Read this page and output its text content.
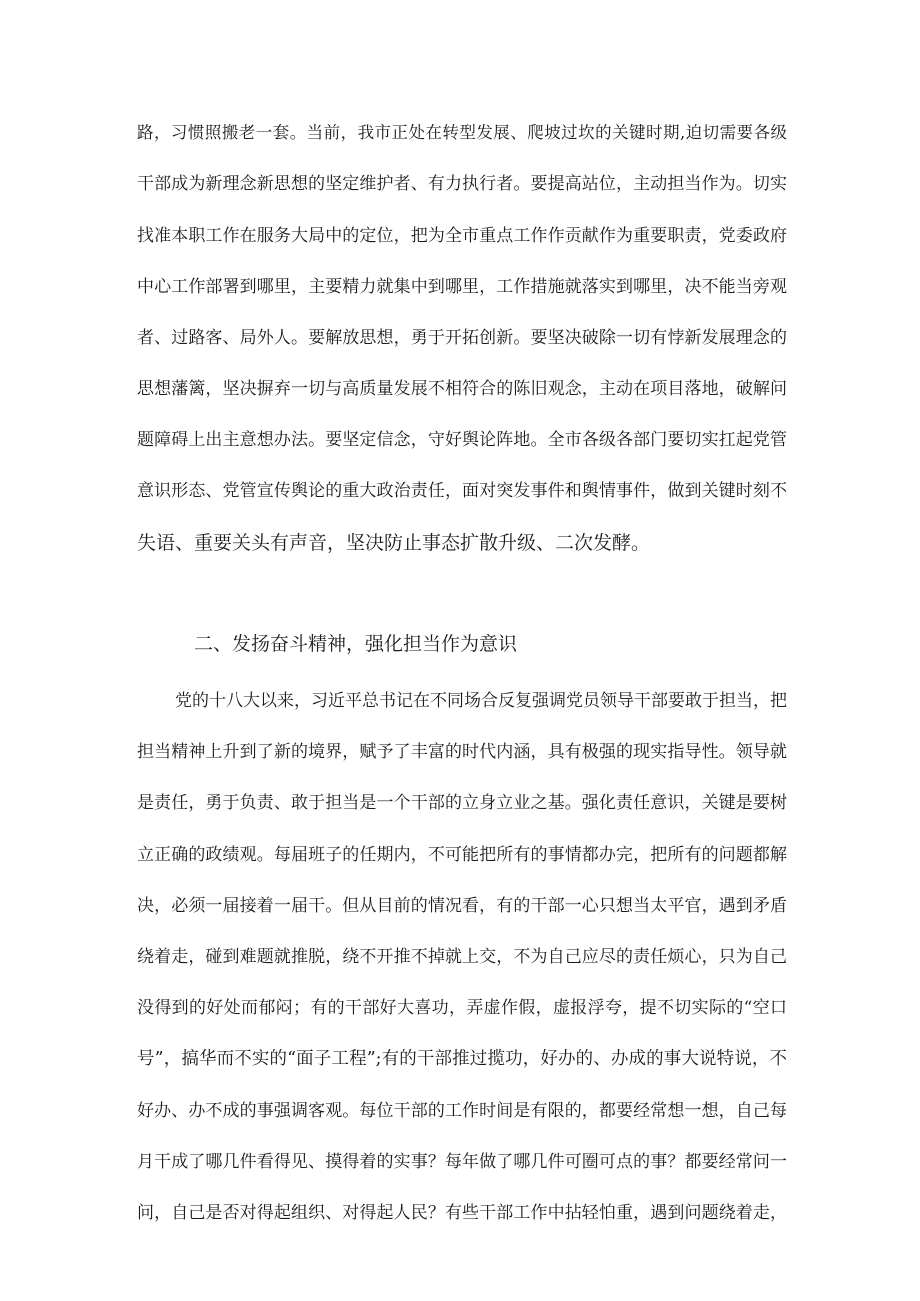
路，习惯照搬老一套。当前，我市正处在转型发展、爬坡过坎的关键时期,迫切需要各级
干部成为新理念新思想的坚定维护者、有力执行者。要提高站位，主动担当作为。切实
找准本职工作在服务大局中的定位，把为全市重点工作作贡献作为重要职责，党委政府
中心工作部署到哪里，主要精力就集中到哪里，工作措施就落实到哪里，决不能当旁观
者、过路客、局外人。要解放思想，勇于开拓创新。要坚决破除一切有悖新发展理念的
思想藩篱，坚决摒弃一切与高质量发展不相符合的陈旧观念，主动在项目落地，破解问
题障碍上出主意想办法。要坚定信念，守好舆论阵地。全市各级各部门要切实扛起党管
意识形态、党管宣传舆论的重大政治责任，面对突发事件和舆情事件，做到关键时刻不
失语、重要关头有声音，坚决防止事态扩散升级、二次发酵。
二、发扬奋斗精神，强化担当作为意识
党的十八大以来，习近平总书记在不同场合反复强调党员领导干部要敢于担当，把
担当精神上升到了新的境界，赋予了丰富的时代内涵，具有极强的现实指导性。领导就
是责任，勇于负责、敢于担当是一个干部的立身立业之基。强化责任意识，关键是要树
立正确的政绩观。每届班子的任期内，不可能把所有的事情都办完，把所有的问题都解
决，必须一届接着一届干。但从目前的情况看，有的干部一心只想当太平官，遇到矛盾
绕着走，碰到难题就推脱，绕不开推不掉就上交，不为自己应尽的责任烦心，只为自己
没得到的好处而郁闷；有的干部好大喜功，弄虚作假，虚报浮夸，提不切实际的“空口
号”，搞华而不实的“面子工程”;有的干部推过揽功，好办的、办成的事大说特说，不
好办、办不成的事强调客观。每位干部的工作时间是有限的，都要经常想一想，自己每
月干成了哪几件看得见、摸得着的实事？每年做了哪几件可圈可点的事？都要经常问一
问，自己是否对得起组织、对得起人民？有些干部工作中拈轻怕重，遇到问题绕着走，
